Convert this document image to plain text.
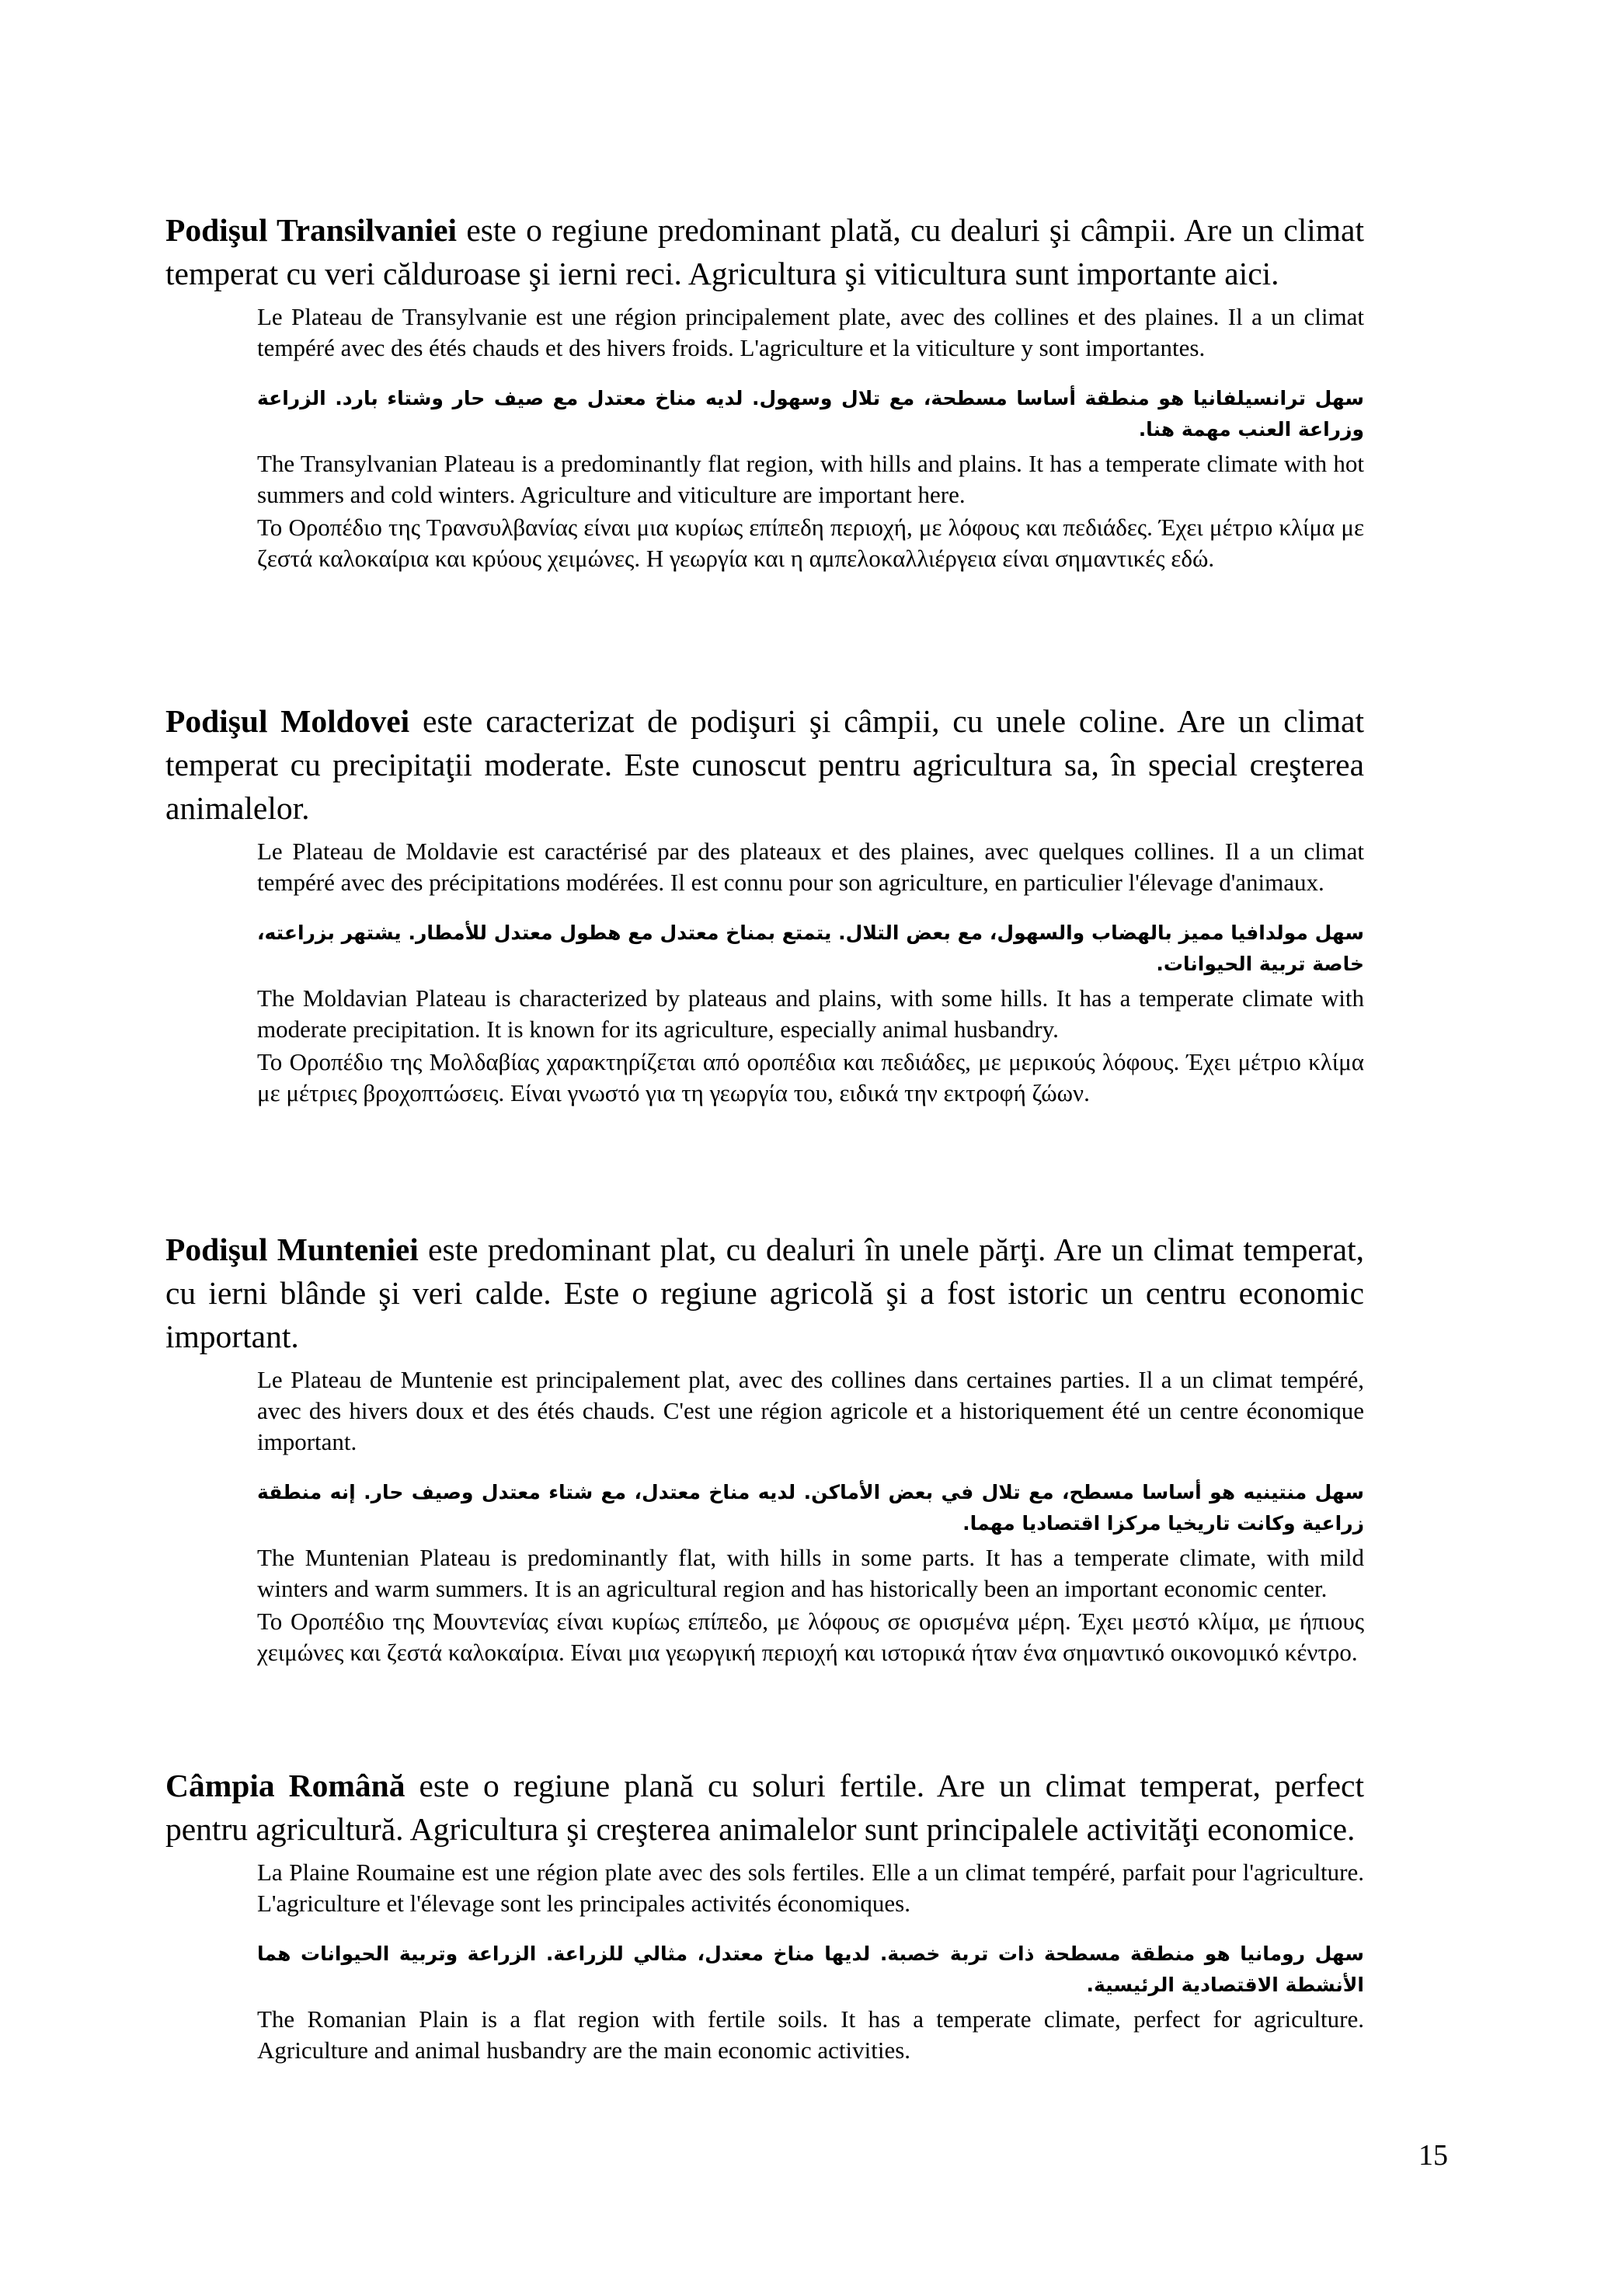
Podişul Transilvaniei este o regiune predominant plată, cu dealuri şi câmpii. Are un climat temperat cu veri călduroase şi ierni reci. Agricultura şi viticultura sunt importante aici.

Le Plateau de Transylvanie est une région principalement plate, avec des collines et des plaines. Il a un climat tempéré avec des étés chauds et des hivers froids. L'agriculture et la viticulture y sont importantes.

سهل ترانسيلفانيا هو منطقة أساسا مسطحة، مع تلال وسهول. لديه مناخ معتدل مع صيف حار وشتاء بارد. الزراعة وزراعة العنب مهمة هنا.

The Transylvanian Plateau is a predominantly flat region, with hills and plains. It has a temperate climate with hot summers and cold winters. Agriculture and viticulture are important here.

Το Οροπέδιο της Τρανσυλβανίας είναι μια κυρίως επίπεδη περιοχή, με λόφους και πεδιάδες. Έχει μέτριο κλίμα με ζεστά καλοκαίρια και κρύους χειμώνες. Η γεωργία και η αμπελοκαλλιέργεια είναι σημαντικές εδώ.

Podişul Moldovei este caracterizat de podişuri şi câmpii, cu unele coline. Are un climat temperat cu precipitaţii moderate. Este cunoscut pentru agricultura sa, în special creşterea animalelor.

Le Plateau de Moldavie est caractérisé par des plateaux et des plaines, avec quelques collines. Il a un climat tempéré avec des précipitations modérées. Il est connu pour son agriculture, en particulier l'élevage d'animaux.

سهل مولدافيا مميز بالهضاب والسهول، مع بعض التلال. يتمتع بمناخ معتدل مع هطول معتدل للأمطار. يشتهر بزراعته، خاصة تربية الحيوانات.

The Moldavian Plateau is characterized by plateaus and plains, with some hills. It has a temperate climate with moderate precipitation. It is known for its agriculture, especially animal husbandry.

Το Οροπέδιο της Μολδαβίας χαρακτηρίζεται από οροπέδια και πεδιάδες, με μερικούς λόφους. Έχει μέτριο κλίμα με μέτριες βροχοπτώσεις. Είναι γνωστό για τη γεωργία του, ειδικά την εκτροφή ζώων.

Podişul Munteniei este predominant plat, cu dealuri în unele părţi. Are un climat temperat, cu ierni blânde şi veri calde. Este o regiune agricolă şi a fost istoric un centru economic important.

Le Plateau de Muntenie est principalement plat, avec des collines dans certaines parties. Il a un climat tempéré, avec des hivers doux et des étés chauds. C'est une région agricole et a historiquement été un centre économique important.

سهل منتينيه هو أساسا مسطح، مع تلال في بعض الأماكن. لديه مناخ معتدل، مع شتاء معتدل وصيف حار. إنه منطقة زراعية وكانت تاريخيا مركزا اقتصاديا مهما.

The Muntenian Plateau is predominantly flat, with hills in some parts. It has a temperate climate, with mild winters and warm summers. It is an agricultural region and has historically been an important economic center.

Το Οροπέδιο της Μουντενίας είναι κυρίως επίπεδο, με λόφους σε ορισμένα μέρη. Έχει μεστό κλίμα, με ήπιους χειμώνες και ζεστά καλοκαίρια. Είναι μια γεωργική περιοχή και ιστορικά ήταν ένα σημαντικό οικονομικό κέντρο.

Câmpia Română este o regiune plană cu soluri fertile. Are un climat temperat, perfect pentru agricultură. Agricultura şi creşterea animalelor sunt principalele activităţi economice.

La Plaine Roumaine est une région plate avec des sols fertiles. Elle a un climat tempéré, parfait pour l'agriculture. L'agriculture et l'élevage sont les principales activités économiques.

سهل رومانيا هو منطقة مسطحة ذات تربة خصبة. لديها مناخ معتدل، مثالي للزراعة. الزراعة وتربية الحيوانات هما الأنشطة الاقتصادية الرئيسية.

The Romanian Plain is a flat region with fertile soils. It has a temperate climate, perfect for agriculture. Agriculture and animal husbandry are the main economic activities.

15
